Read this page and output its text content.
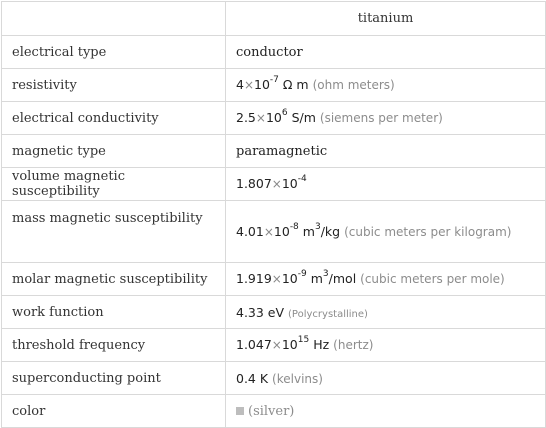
	titanium
electrical type	conductor
resistivity	$4\times 10^{-7}$ Ω m (ohm meters)
electrical conductivity	$2.5\times 10^6$ S/m (siemens per meter)
magnetic type	paramagnetic
volume magnetic susceptibility	$1.807\times 10^{-4}$
mass magnetic susceptibility	$4.01\times 10^{-8}$ $m^3/kg$ (cubic meters per kilogram)
molar magnetic susceptibility	$1.919\times 10^{-9}$ $m^3$/mol (cubic meters per mole)
work function	4.33 eV (Polycrystalline)
threshold frequency	$1.047\times 10^{15}$ Hz (hertz)
superconducting point	0.4 K (kelvins)
color	(silver)
